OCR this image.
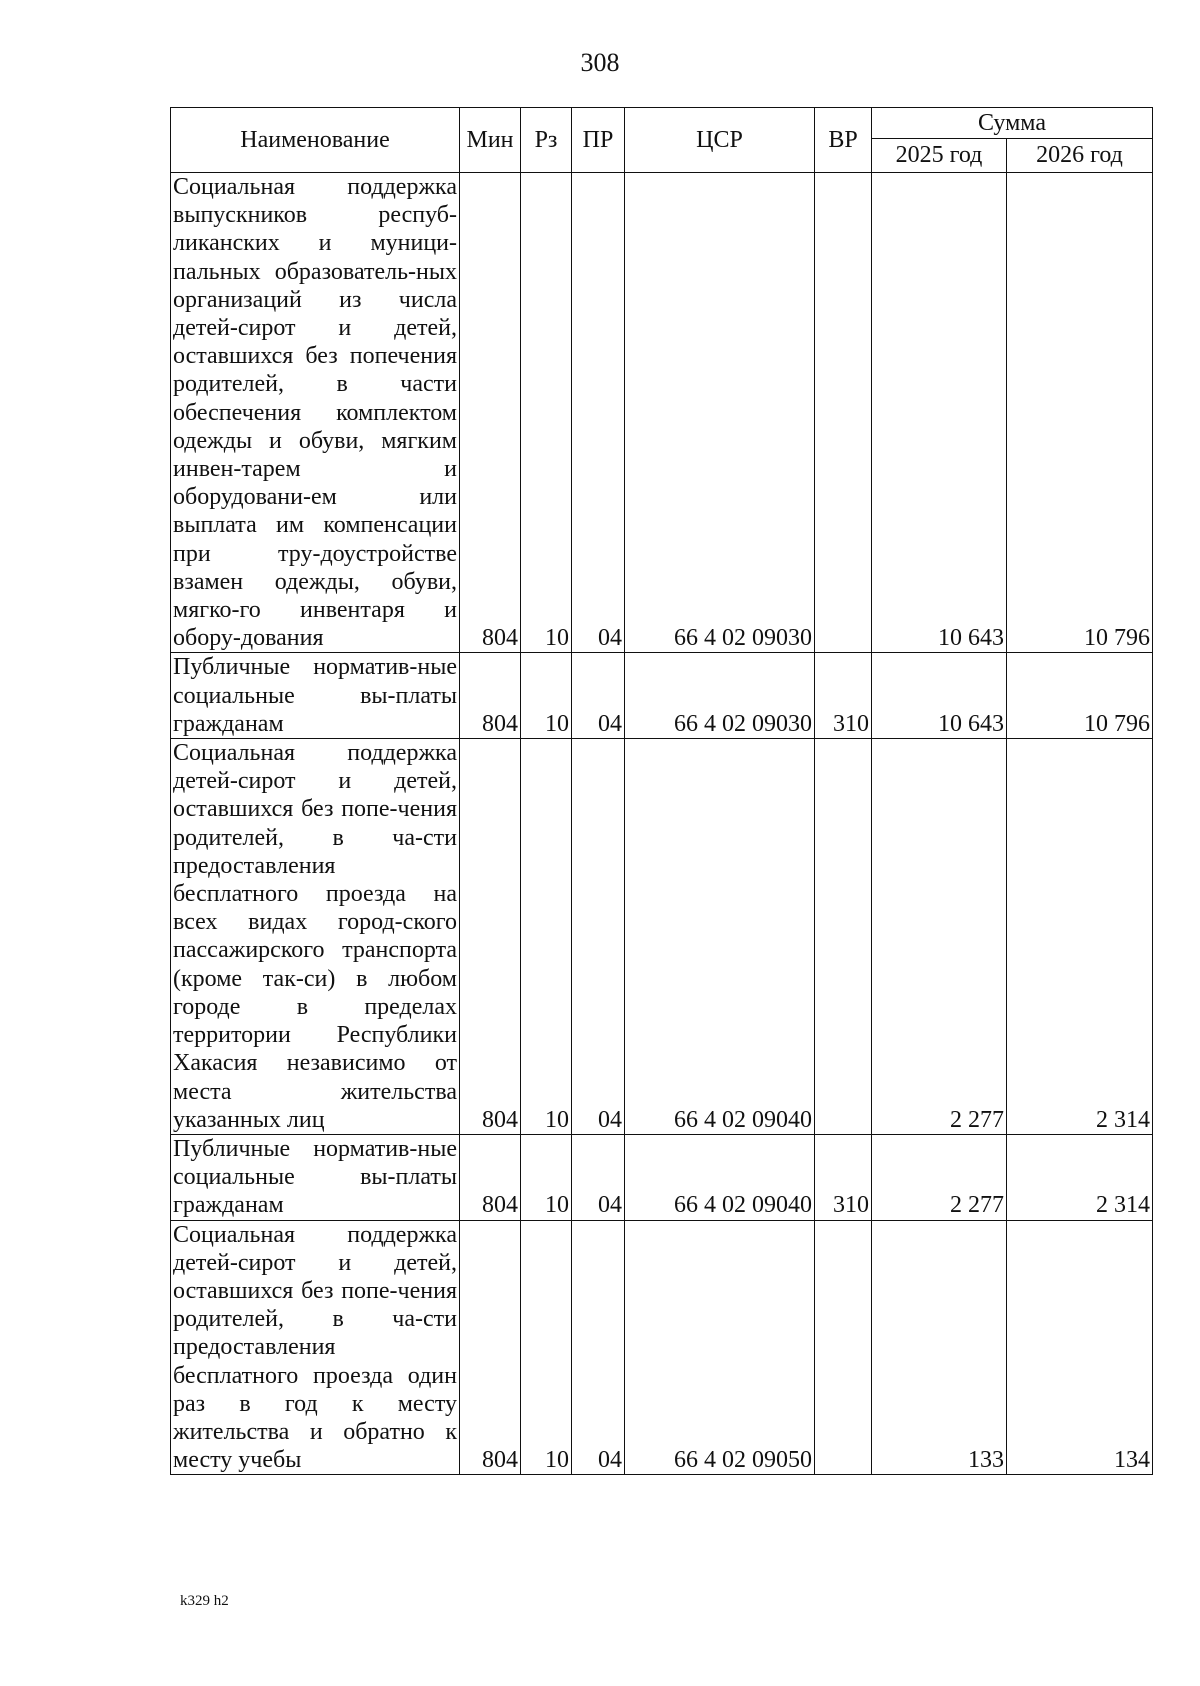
308
Наименование	Мин	Рз	ПР	ЦСР	ВР	Сумма	
						2025 год	2026 год
Социальная поддержка выпускников респуб-ликанских и муници-пальных образователь-ных организаций из числа детей-сирот и детей, оставшихся без попечения родителей, в части обеспечения комплектом одежды и обуви, мягким инвен-тарем и оборудовани-ем или выплата им компенсации при тру-доустройстве взамен одежды, обуви, мягко-го инвентаря и обору-дования	804	10	04	66 4 02 09030		10 643	10 796
Публичные норматив-ные социальные вы-платы гражданам	804	10	04	66 4 02 09030	310	10 643	10 796
Социальная поддержка детей-сирот и детей, оставшихся без попе-чения родителей, в ча-сти предоставления бесплатного проезда на всех видах город-ского пассажирского транспорта (кроме так-си) в любом городе в пределах территории Республики Хакасия независимо от места жительства указанных лиц	804	10	04	66 4 02 09040		2 277	2 314
Публичные норматив-ные социальные вы-платы гражданам	804	10	04	66 4 02 09040	310	2 277	2 314
Социальная поддержка детей-сирот и детей, оставшихся без попе-чения родителей, в ча-сти предоставления бесплатного проезда один раз в год к месту жительства и обратно к месту учебы	804	10	04	66 4 02 09050		133	134
k329 h2
